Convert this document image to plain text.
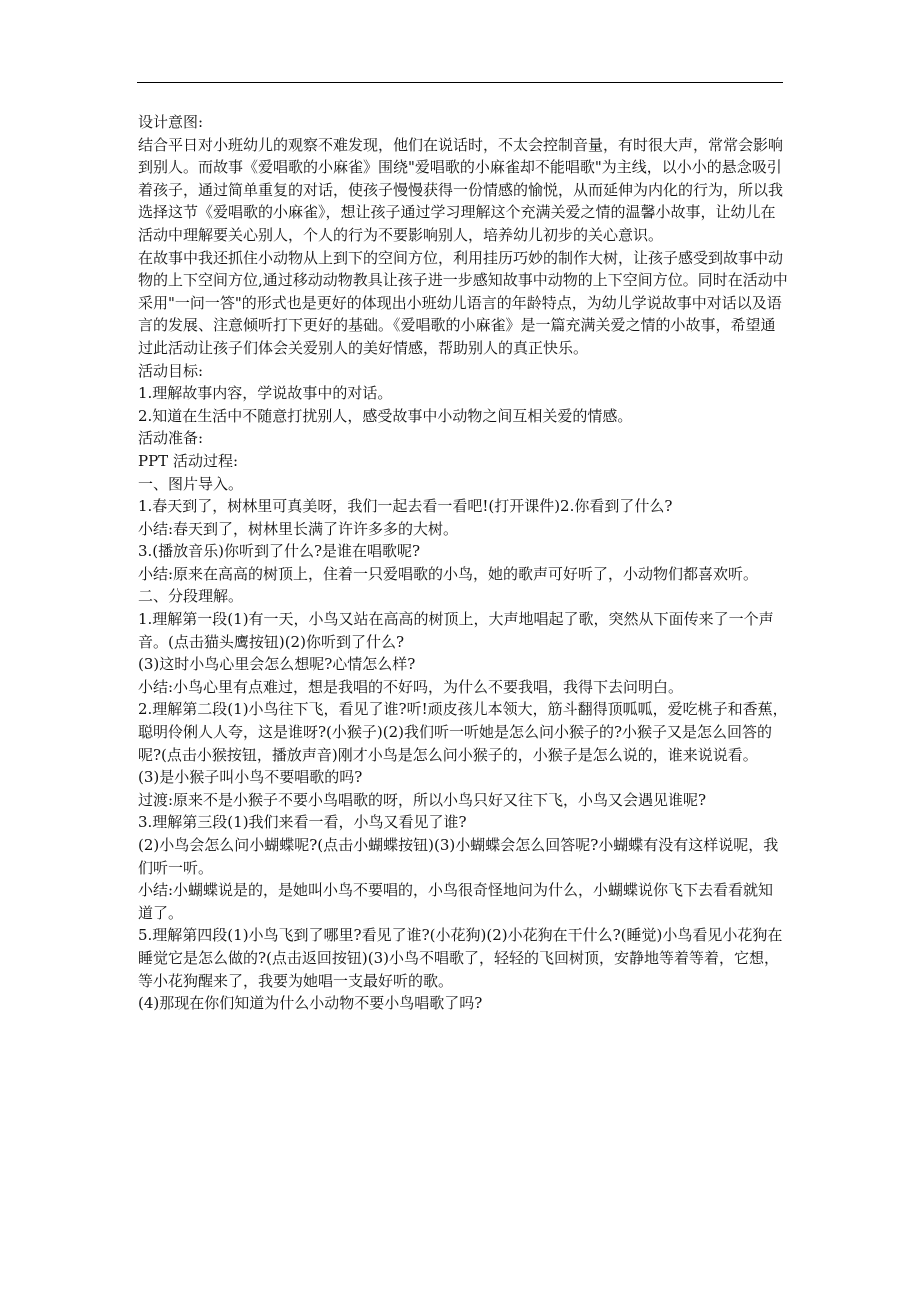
设计意图:

结合平日对小班幼儿的观察不难发现，他们在说话时，不太会控制音量，有时很大声，常常会影响到别人。而故事《爱唱歌的小麻雀》围绕"爱唱歌的小麻雀却不能唱歌"为主线，以小小的悬念吸引着孩子，通过简单重复的对话，使孩子慢慢获得一份情感的愉悦，从而延伸为内化的行为，所以我选择这节《爱唱歌的小麻雀》，想让孩子通过学习理解这个充满关爱之情的温馨小故事，让幼儿在活动中理解要关心别人，个人的行为不要影响别人，培养幼儿初步的关心意识。

在故事中我还抓住小动物从上到下的空间方位，利用挂历巧妙的制作大树，让孩子感受到故事中动物的上下空间方位,通过移动动物教具让孩子进一步感知故事中动物的上下空间方位。同时在活动中采用"一问一答"的形式也是更好的体现出小班幼儿语言的年龄特点，为幼儿学说故事中对话以及语言的发展、注意倾听打下更好的基础。《爱唱歌的小麻雀》是一篇充满关爱之情的小故事，希望通过此活动让孩子们体会关爱别人的美好情感，帮助别人的真正快乐。

活动目标:

1.理解故事内容，学说故事中的对话。

2.知道在生活中不随意打扰别人，感受故事中小动物之间互相关爱的情感。

活动准备:

PPT 活动过程:

一、图片导入。

1.春天到了，树林里可真美呀，我们一起去看一看吧!(打开课件)2.你看到了什么?

小结:春天到了，树林里长满了许许多多的大树。

3.(播放音乐)你听到了什么?是谁在唱歌呢?

小结:原来在高高的树顶上，住着一只爱唱歌的小鸟，她的歌声可好听了，小动物们都喜欢听。

二、分段理解。

1.理解第一段(1)有一天，小鸟又站在高高的树顶上，大声地唱起了歌，突然从下面传来了一个声音。(点击猫头鹰按钮)(2)你听到了什么?

(3)这时小鸟心里会怎么想呢?心情怎么样?

小结:小鸟心里有点难过，想是我唱的不好吗，为什么不要我唱，我得下去问明白。

2.理解第二段(1)小鸟往下飞，看见了谁?听!顽皮孩儿本领大，筋斗翻得顶呱呱，爱吃桃子和香蕉，聪明伶俐人人夸，这是谁呀?(小猴子)(2)我们听一听她是怎么问小猴子的?小猴子又是怎么回答的呢?(点击小猴按钮，播放声音)刚才小鸟是怎么问小猴子的，小猴子是怎么说的，谁来说说看。

(3)是小猴子叫小鸟不要唱歌的吗?

过渡:原来不是小猴子不要小鸟唱歌的呀，所以小鸟只好又往下飞，小鸟又会遇见谁呢?

3.理解第三段(1)我们来看一看，小鸟又看见了谁?

(2)小鸟会怎么问小蝴蝶呢?(点击小蝴蝶按钮)(3)小蝴蝶会怎么回答呢?小蝴蝶有没有这样说呢，我们听一听。

小结:小蝴蝶说是的，是她叫小鸟不要唱的，小鸟很奇怪地问为什么，小蝴蝶说你飞下去看看就知道了。

5.理解第四段(1)小鸟飞到了哪里?看见了谁?(小花狗)(2)小花狗在干什么?(睡觉)小鸟看见小花狗在睡觉它是怎么做的?(点击返回按钮)(3)小鸟不唱歌了，轻轻的飞回树顶，安静地等着等着，它想，等小花狗醒来了，我要为她唱一支最好听的歌。

(4)那现在你们知道为什么小动物不要小鸟唱歌了吗?
